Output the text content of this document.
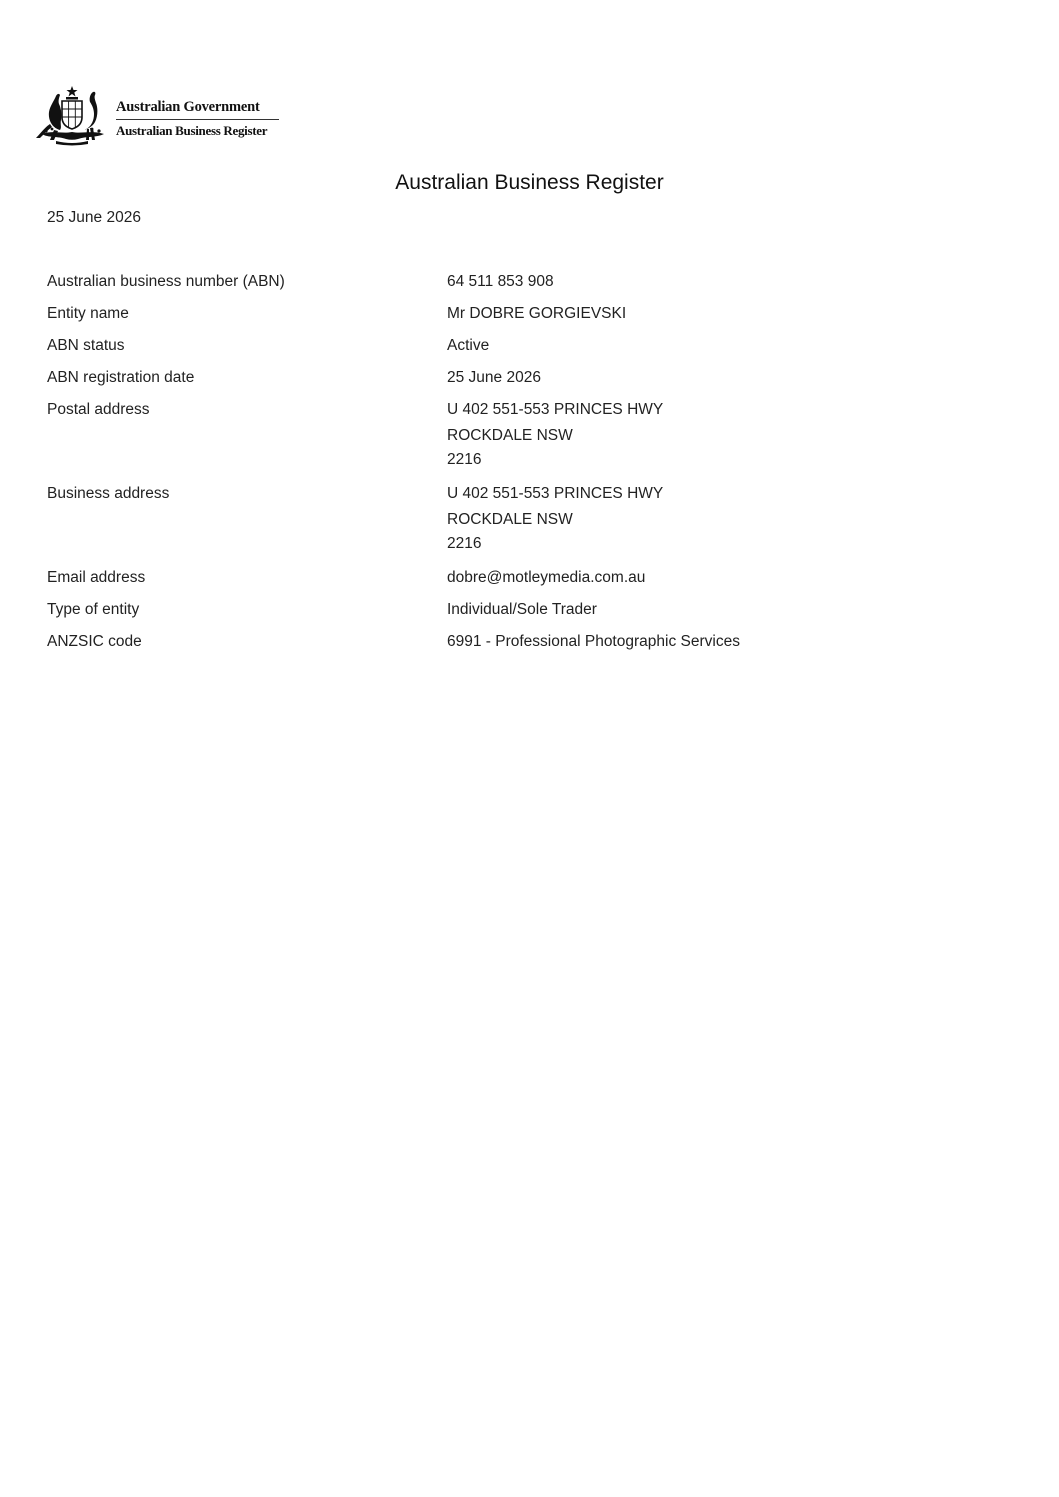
Australian Government
Australian Business Register
Australian Business Register
25 June 2026
Australian business number (ABN)	64 511 853 908
Entity name	Mr DOBRE GORGIEVSKI
ABN status	Active
ABN registration date	25 June 2026
Postal address	U 402 551-553 PRINCES HWY
ROCKDALE NSW
2216
Business address	U 402 551-553 PRINCES HWY
ROCKDALE NSW
2216
Email address	dobre@motleymedia.com.au
Type of entity	Individual/Sole Trader
ANZSIC code	6991 - Professional Photographic Services
